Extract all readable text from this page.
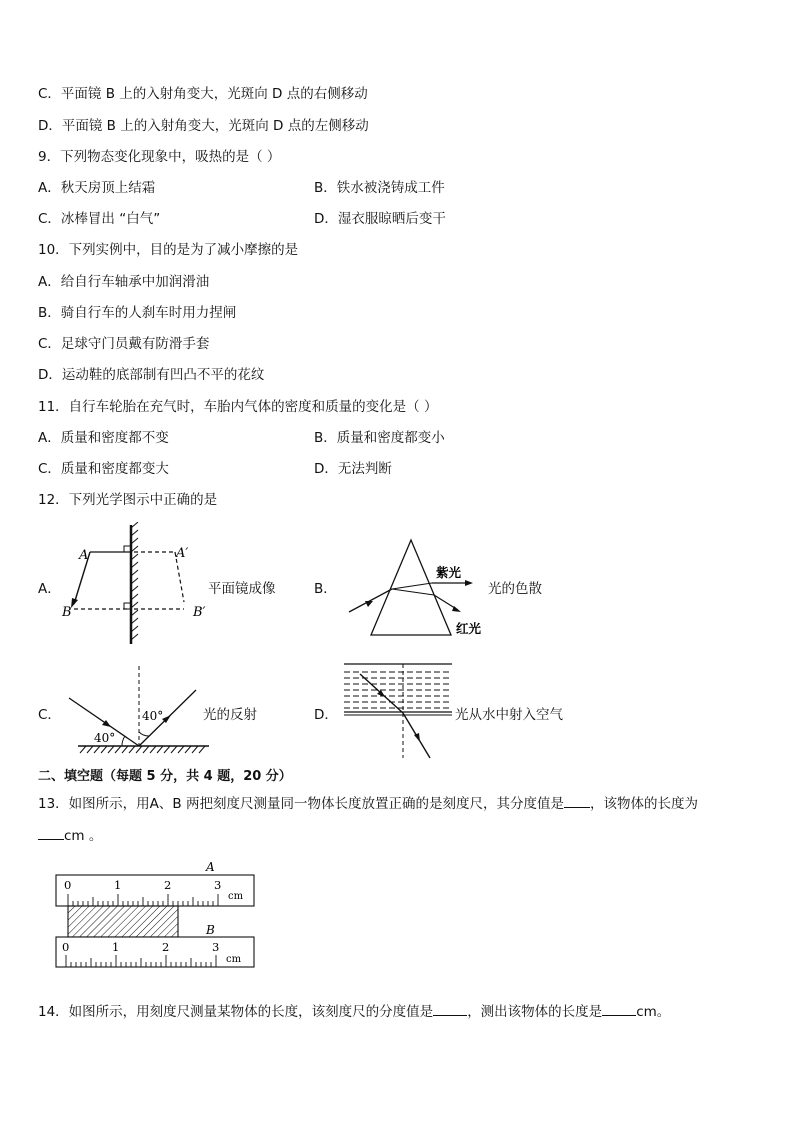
C．平面镜 B 上的入射角变大，光斑向 D 点的右侧移动
D．平面镜 B 上的入射角变大，光斑向 D 点的左侧移动
9．下列物态变化现象中，吸热的是（ ）
A．秋天房顶上结霜	B．铁水被浇铸成工件
C．冰棒冒出 “白气”	D．湿衣服晾晒后变干
10．下列实例中，目的是为了减小摩擦的是
A．给自行车轴承中加润滑油
B．骑自行车的人刹车时用力捏闸
C．足球守门员戴有防滑手套
D．运动鞋的底部制有凹凸不平的花纹
11．自行车轮胎在充气时，车胎内气体的密度和质量的变化是（ ）
A．质量和密度都不变	B．质量和密度都变小
C．质量和密度都变大	D．无法判断
12．下列光学图示中正确的是
A．
A	A′
B	B′
平面镜成像	B．
紫光
红光
光的色散
C．
40°
40°	光的反射	D．	光从水中射入空气
二、填空题（每题 5 分，共 4 题，20 分）
13．如图所示，用A、B 两把刻度尺测量同一物体长度放置正确的是刻度尺，其分度值是 ，该物体的长度为
cm 。
A
0	1	2	3
cm
B
0	1	2	3
cm
14．如图所示，用刻度尺测量某物体的长度，该刻度尺的分度值是	，测出该物体的长度是	cm。
